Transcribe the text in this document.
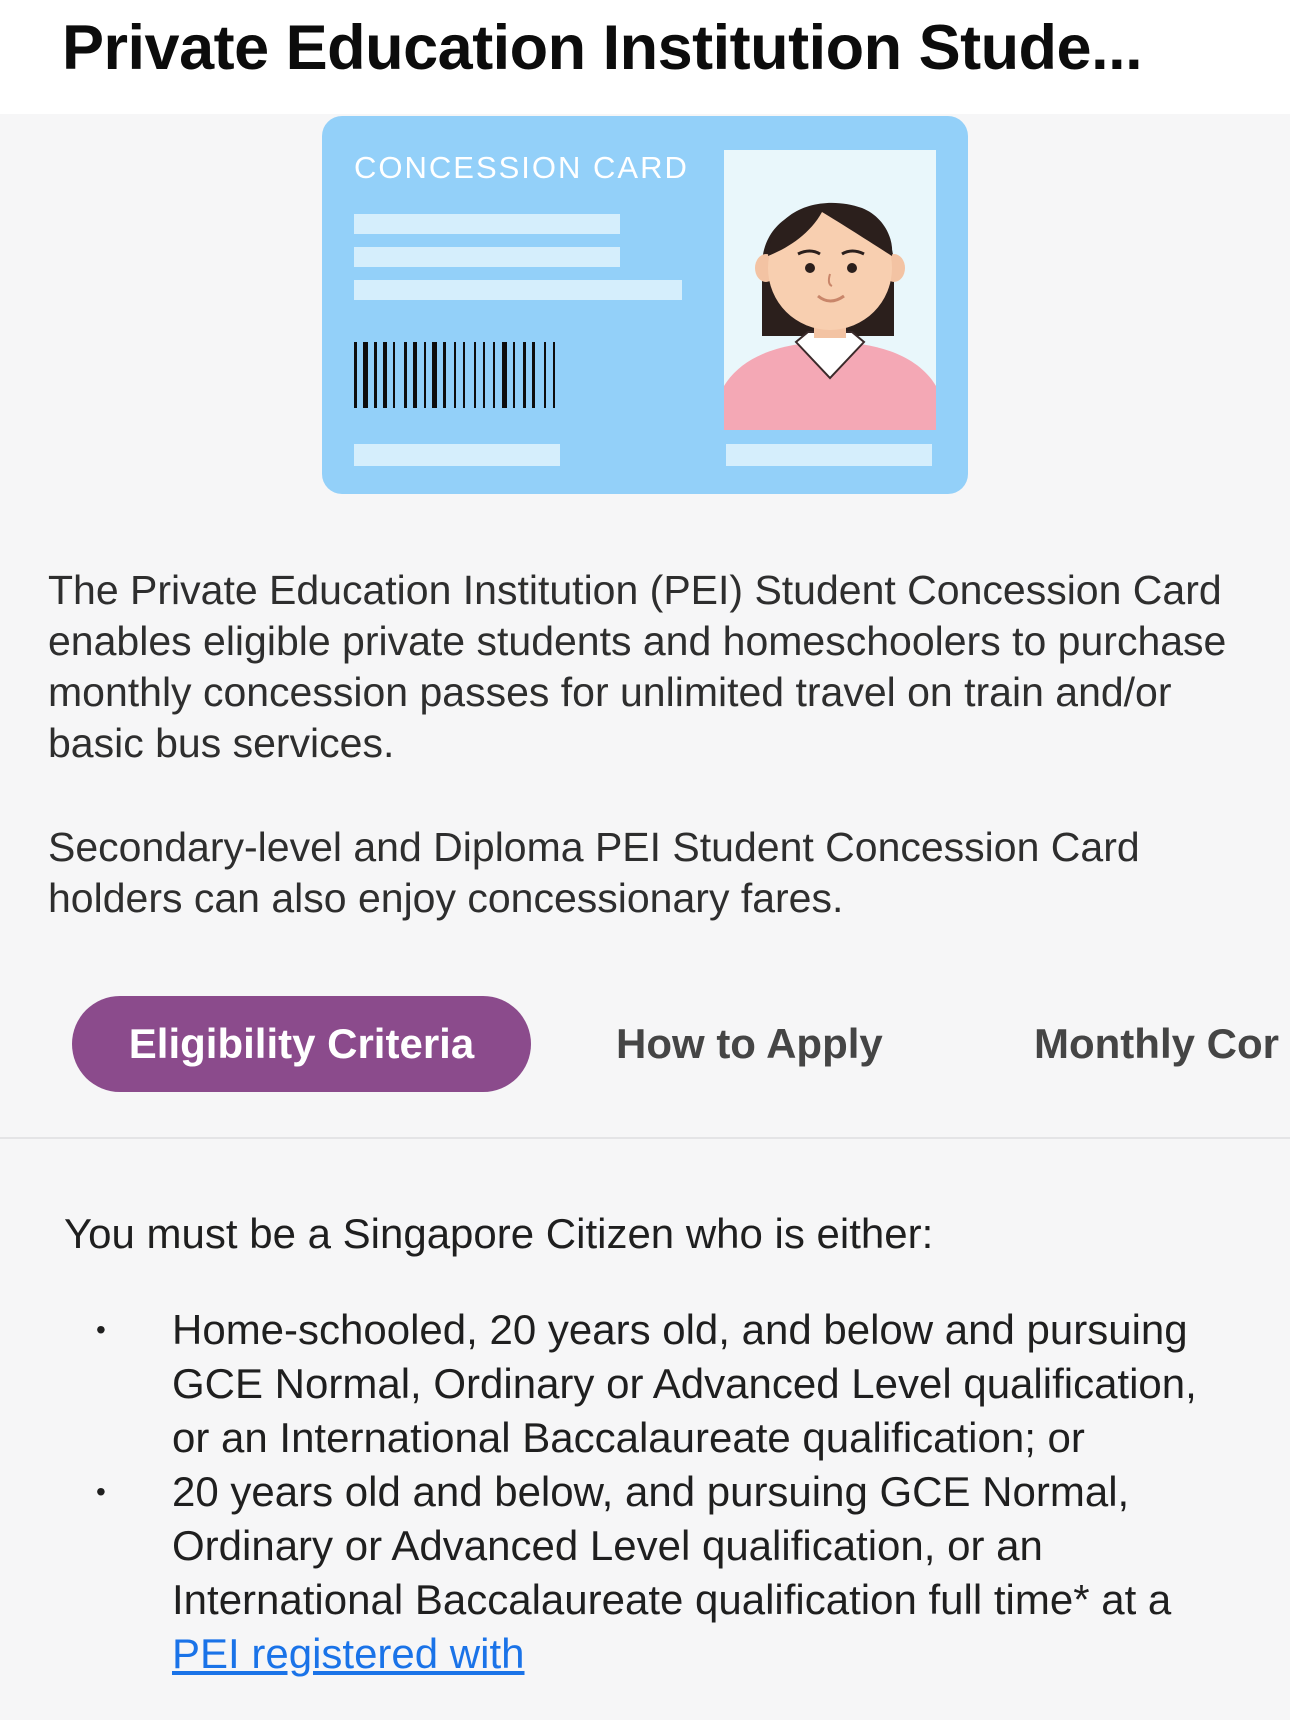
Private Education Institution Stude...
CONCESSION CARD

The Private Education Institution (PEI) Student Concession Card enables eligible private students and homeschoolers to purchase monthly concession passes for unlimited travel on train and/or basic bus services.

Secondary-level and Diploma PEI Student Concession Card holders can also enjoy concessionary fares.

Eligibility Criteria	How to Apply	Monthly Cor

You must be a Singapore Citizen who is either:

• Home-schooled, 20 years old, and below and pursuing GCE Normal, Ordinary or Advanced Level qualification, or an International Baccalaureate qualification; or
• 20 years old and below, and pursuing GCE Normal, Ordinary or Advanced Level qualification, or an International Baccalaureate qualification full time* at a PEI registered with
